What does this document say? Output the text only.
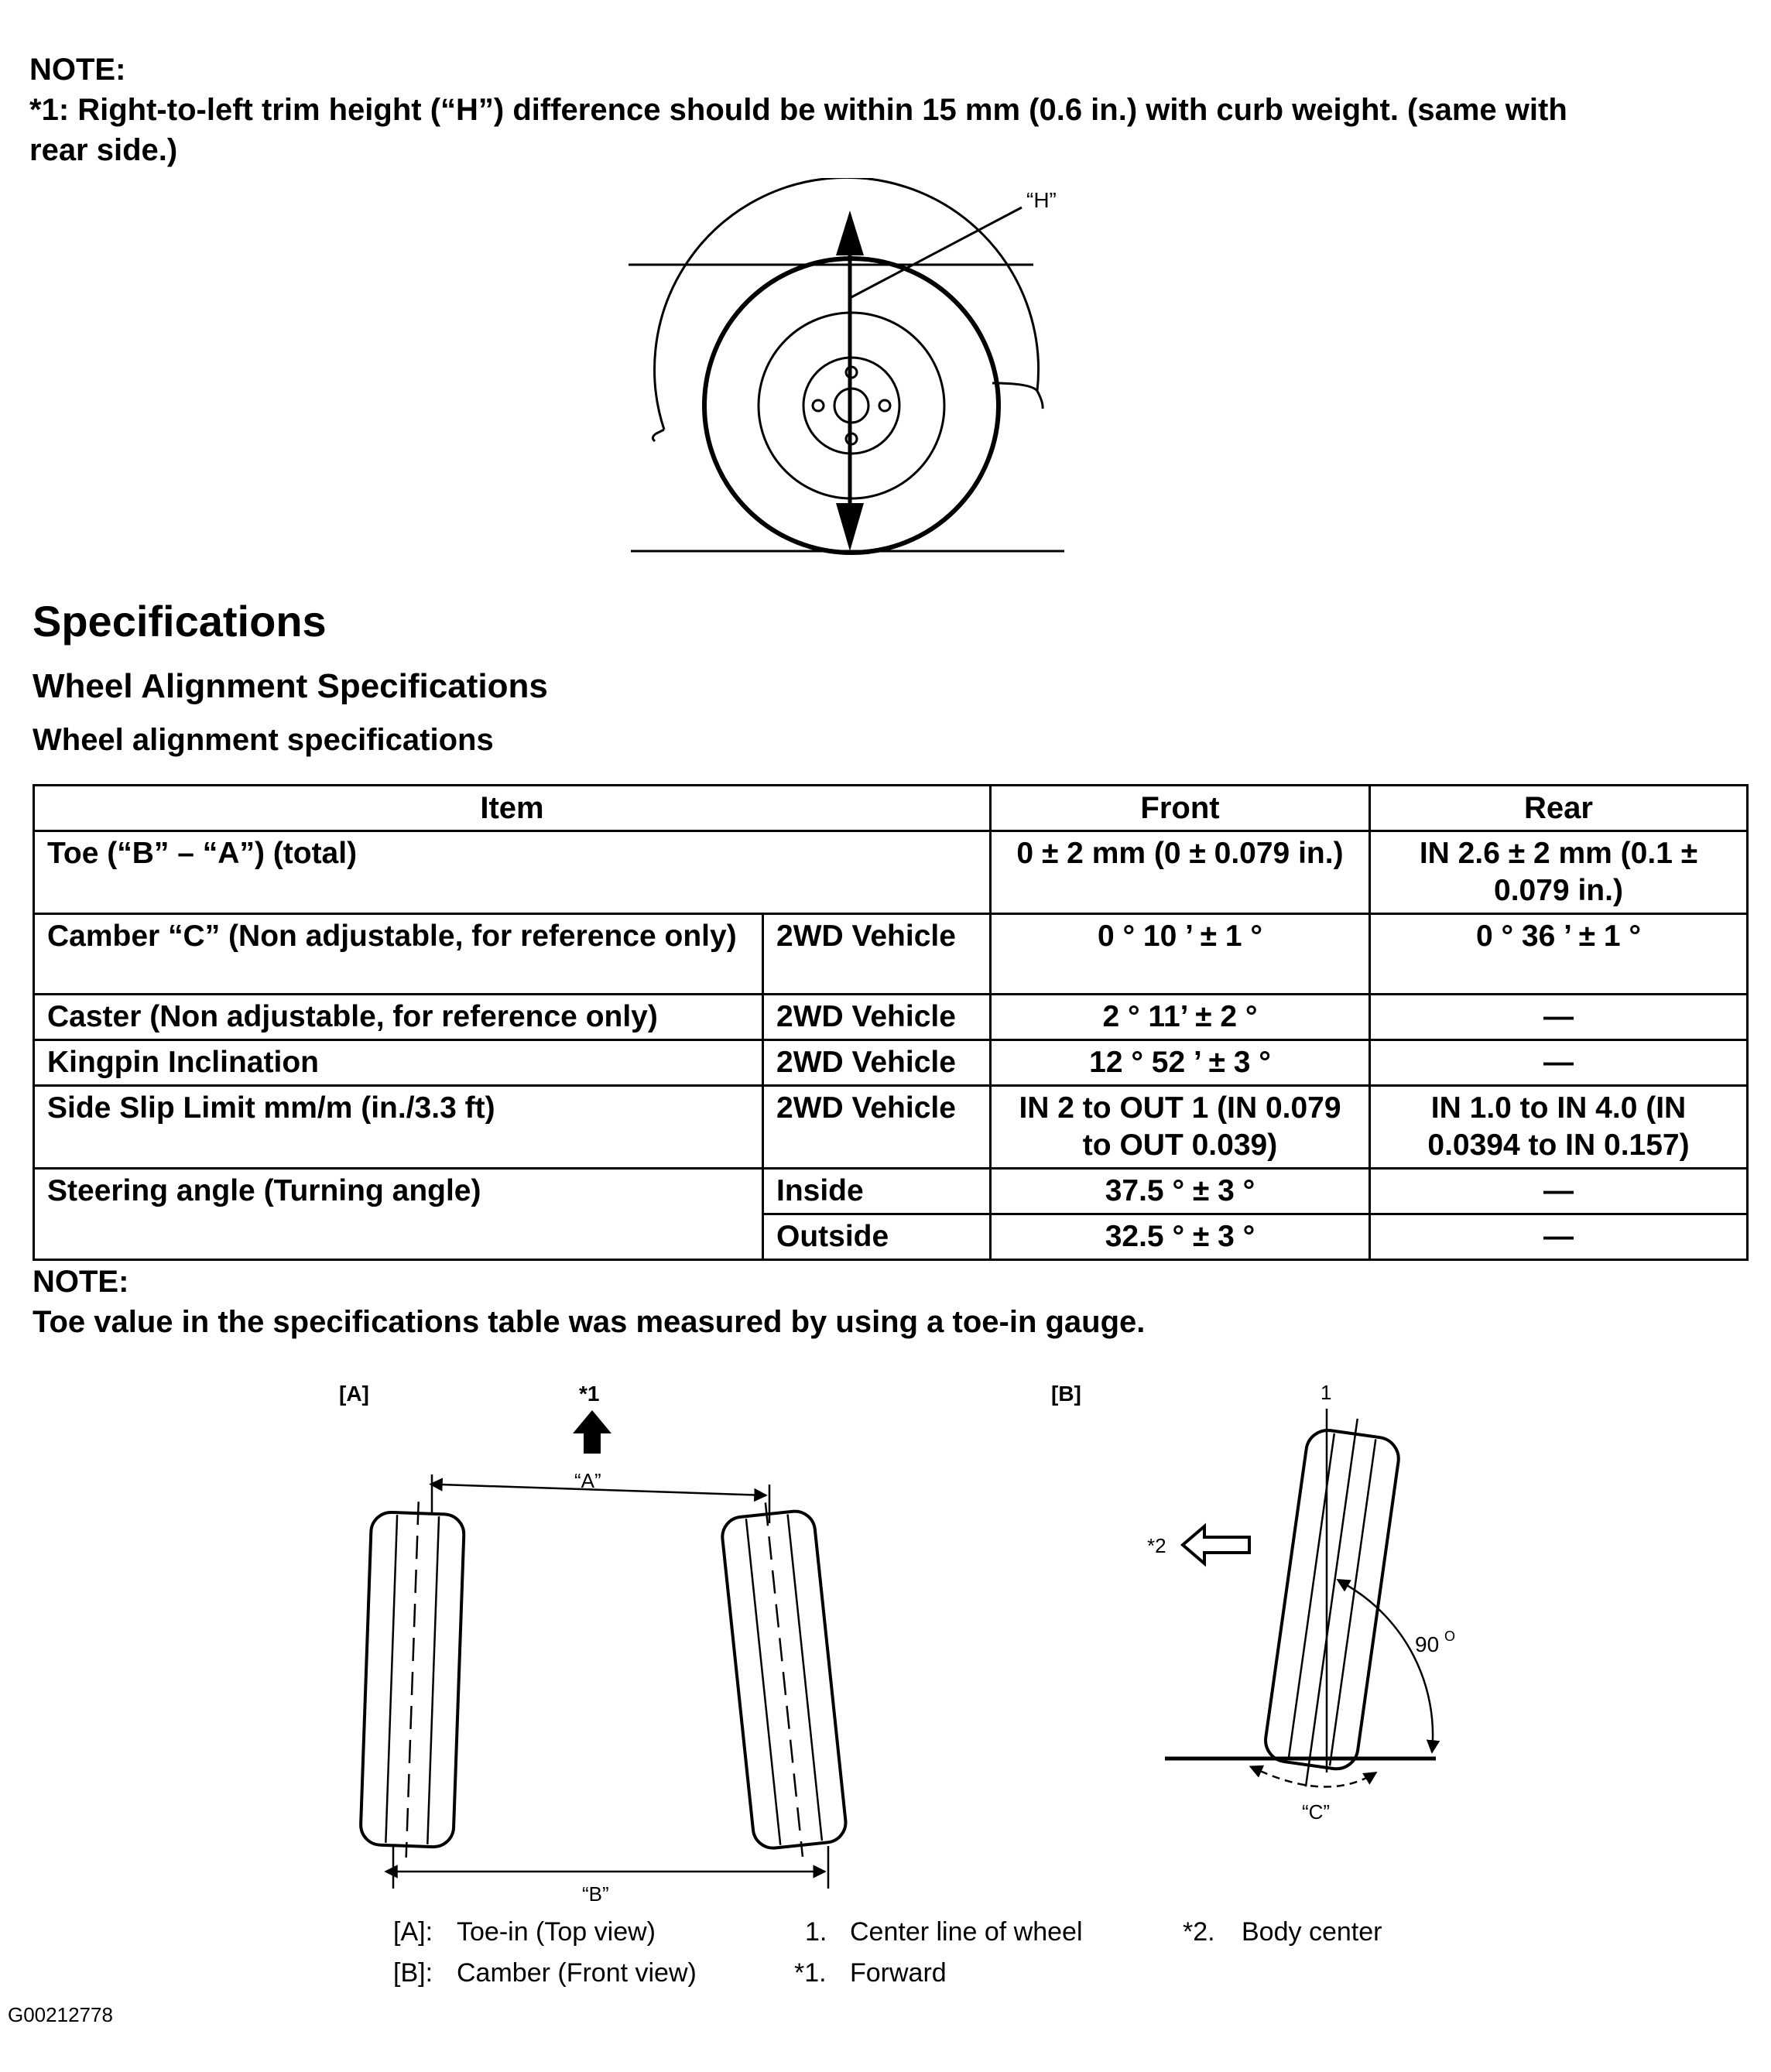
NOTE:
*1: Right-to-left trim height (“H”) difference should be within 15 mm (0.6 in.) with curb weight. (same with rear side.)
“H”
Specifications
Wheel Alignment Specifications
Wheel alignment specifications
Item		Front	Rear
Toe (“B” – “A”) (total)		0 ± 2 mm (0 ± 0.079 in.)	IN 2.6 ± 2 mm (0.1 ± 0.079 in.)
Camber “C” (Non adjustable, for reference only)	2WD Vehicle	0 ° 10 ’ ± 1 °	0 ° 36 ’ ± 1 °
Caster (Non adjustable, for reference only)	2WD Vehicle	2 ° 11’ ± 2 °	—
Kingpin Inclination	2WD Vehicle	12 ° 52 ’ ± 3 °	—
Side Slip Limit mm/m (in./3.3 ft)	2WD Vehicle	IN 2 to OUT 1 (IN 0.079 to OUT 0.039)	IN 1.0 to IN 4.0 (IN 0.0394 to IN 0.157)
Steering angle (Turning angle)	Inside	37.5 ° ± 3 °	—
	Outside	32.5 ° ± 3 °	—
NOTE:
Toe value in the specifications table was measured by using a toe-in gauge.
[A]	*1
“A”
“B”
[B]	1
90 O
“C”
*2
[A]: Toe-in (Top view)
[B]: Camber (Front view)
1. Center line of wheel
*1. Forward
*2. Body center
G00212778
